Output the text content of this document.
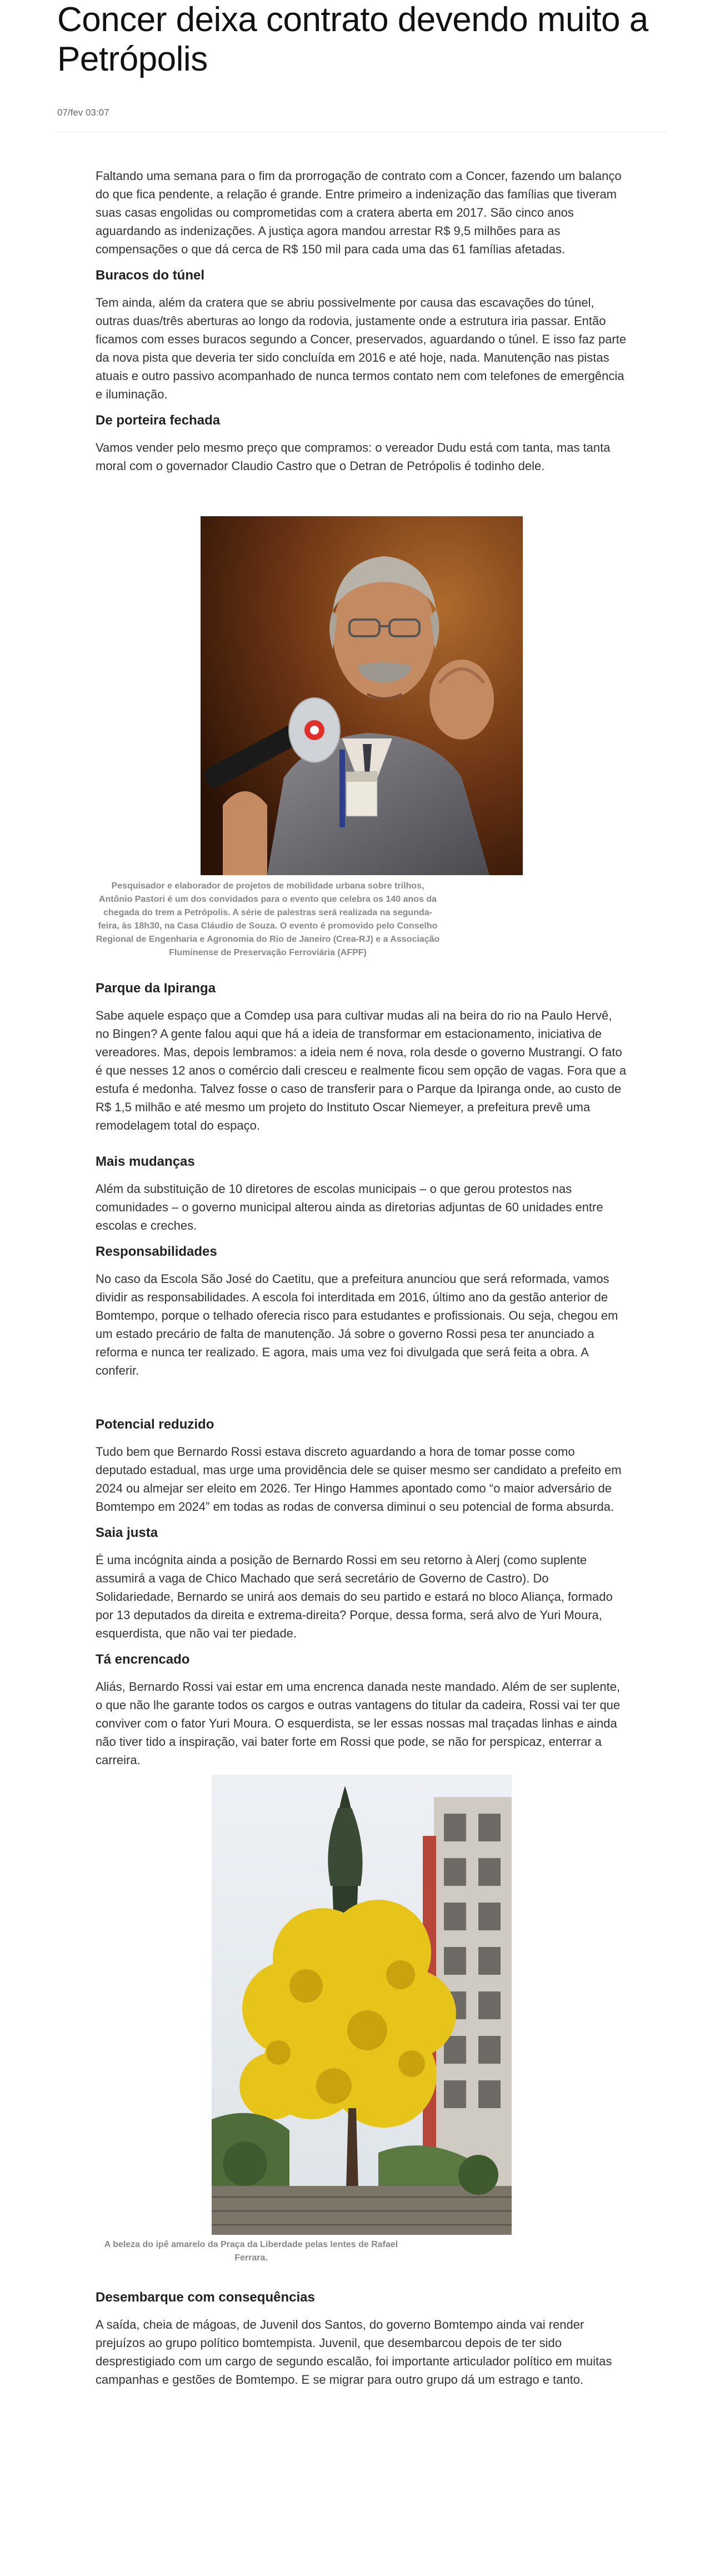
Concer deixa contrato devendo muito a Petrópolis
07/fev 03:07

Faltando uma semana para o fim da prorrogação de contrato com a Concer, fazendo um balanço do que fica pendente, a relação é grande. Entre primeiro a indenização das famílias que tiveram suas casas engolidas ou comprometidas com a cratera aberta em 2017. São cinco anos aguardando as indenizações. A justiça agora mandou arrestar R$ 9,5 milhões para as compensações o que dá cerca de R$ 150 mil para cada uma das 61 famílias afetadas.

Buracos do túnel

Tem ainda, além da cratera que se abriu possivelmente por causa das escavações do túnel, outras duas/três aberturas ao longo da rodovia, justamente onde a estrutura iria passar. Então ficamos com esses buracos segundo a Concer, preservados, aguardando o túnel. E isso faz parte da nova pista que deveria ter sido concluída em 2016 e até hoje, nada. Manutenção nas pistas atuais e outro passivo acompanhado de nunca termos contato nem com telefones de emergência e iluminação.

De porteira fechada

Vamos vender pelo mesmo preço que compramos: o vereador Dudu está com tanta, mas tanta moral com o governador Claudio Castro que o Detran de Petrópolis é todinho dele.

Pesquisador e elaborador de projetos de mobilidade urbana sobre trilhos, Antônio Pastori é um dos convidados para o evento que celebra os 140 anos da chegada do trem a Petrópolis. A série de palestras será realizada na segunda-feira, às 18h30, na Casa Cláudio de Souza. O evento é promovido pelo Conselho Regional de Engenharia e Agronomia do Rio de Janeiro (Crea-RJ) e a Associação Fluminense de Preservação Ferroviária (AFPF)

Parque da Ipiranga

Sabe aquele espaço que a Comdep usa para cultivar mudas ali na beira do rio na Paulo Hervê, no Bingen? A gente falou aqui que há a ideia de transformar em estacionamento, iniciativa de vereadores. Mas, depois lembramos: a ideia nem é nova, rola desde o governo Mustrangi. O fato é que nesses 12 anos o comércio dali cresceu e realmente ficou sem opção de vagas. Fora que a estufa é medonha. Talvez fosse o caso de transferir para o Parque da Ipiranga onde, ao custo de R$ 1,5 milhão e até mesmo um projeto do Instituto Oscar Niemeyer, a prefeitura prevê uma remodelagem total do espaço.

Mais mudanças

Além da substituição de 10 diretores de escolas municipais – o que gerou protestos nas comunidades – o governo municipal alterou ainda as diretorias adjuntas de 60 unidades entre escolas e creches.

Responsabilidades

No caso da Escola São José do Caetitu, que a prefeitura anunciou que será reformada, vamos dividir as responsabilidades. A escola foi interditada em 2016, último ano da gestão anterior de Bomtempo, porque o telhado oferecia risco para estudantes e profissionais. Ou seja, chegou em um estado precário de falta de manutenção. Já sobre o governo Rossi pesa ter anunciado a reforma e nunca ter realizado. E agora, mais uma vez foi divulgada que será feita a obra. A conferir.

Potencial reduzido

Tudo bem que Bernardo Rossi estava discreto aguardando a hora de tomar posse como deputado estadual, mas urge uma providência dele se quiser mesmo ser candidato a prefeito em 2024 ou almejar ser eleito em 2026. Ter Hingo Hammes apontado como “o maior adversário de Bomtempo em 2024” em todas as rodas de conversa diminui o seu potencial de forma absurda.

Saia justa

É uma incógnita ainda a posição de Bernardo Rossi em seu retorno à Alerj (como suplente assumirá a vaga de Chico Machado que será secretário de Governo de Castro). Do Solidariedade, Bernardo se unirá aos demais do seu partido e estará no bloco Aliança, formado por 13 deputados da direita e extrema-direita? Porque, dessa forma, será alvo de Yuri Moura, esquerdista, que não vai ter piedade.

Tá encrencado

Aliás, Bernardo Rossi vai estar em uma encrenca danada neste mandado. Além de ser suplente, o que não lhe garante todos os cargos e outras vantagens do titular da cadeira, Rossi vai ter que conviver com o fator Yuri Moura. O esquerdista, se ler essas nossas mal traçadas linhas e ainda não tiver tido a inspiração, vai bater forte em Rossi que pode, se não for perspicaz, enterrar a carreira.

A beleza do ipê amarelo da Praça da Liberdade pelas lentes de Rafael Ferrara.

Desembarque com consequências

A saída, cheia de mágoas, de Juvenil dos Santos, do governo Bomtempo ainda vai render prejuízos ao grupo político bomtempista. Juvenil, que desembarcou depois de ter sido desprestigiado com um cargo de segundo escalão, foi importante articulador político em muitas campanhas e gestões de Bomtempo. E se migrar para outro grupo dá um estrago e tanto.
